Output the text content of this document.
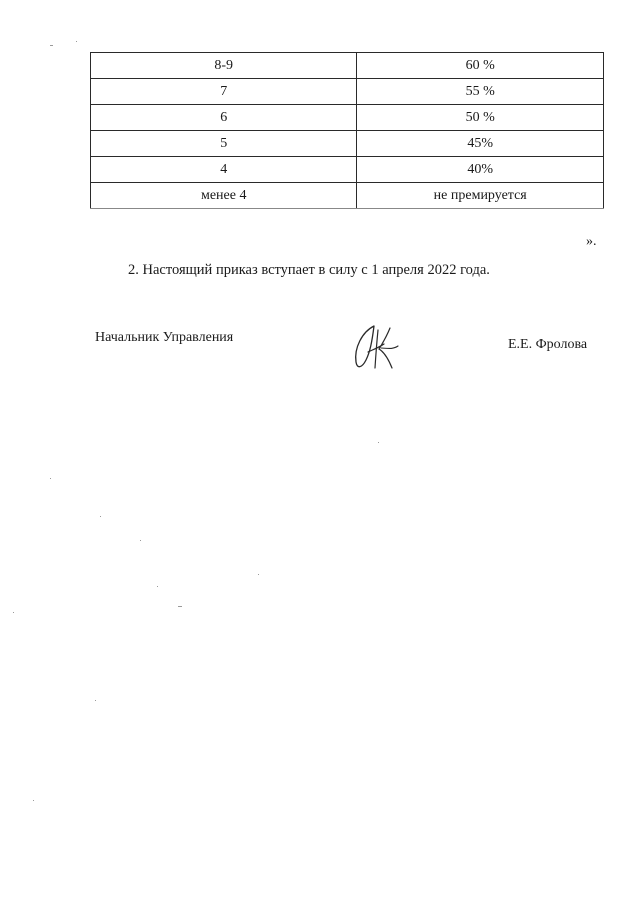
8-9	60 %
7	55 %
6	50 %
5	45%
4	40%
менее 4	не премируется
».

2. Настоящий приказ вступает в силу с 1 апреля 2022 года.

Начальник Управления	Е.Е. Фролова
